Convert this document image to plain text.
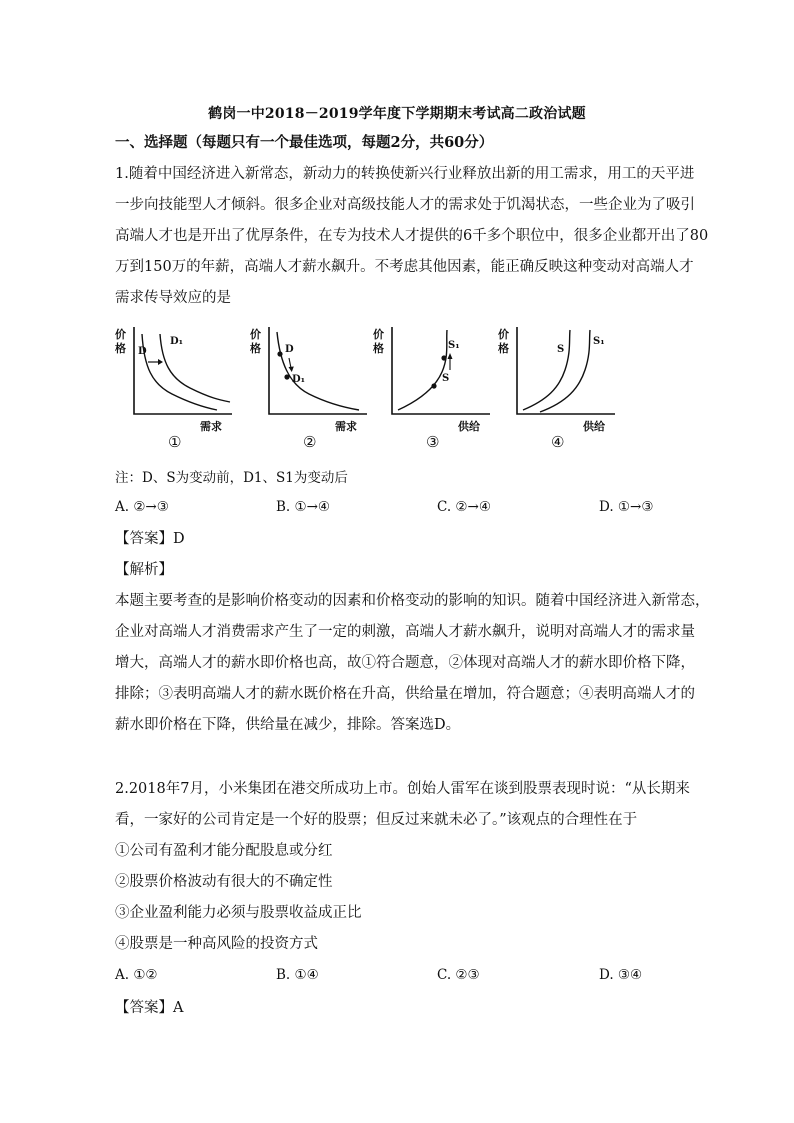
鹤岗一中2018－2019学年度下学期期末考试高二政治试题
一、选择题（每题只有一个最佳选项，每题2分，共60分）
1.随着中国经济进入新常态，新动力的转换使新兴行业释放出新的用工需求，用工的天平进
一步向技能型人才倾斜。很多企业对高级技能人才的需求处于饥渴状态，一些企业为了吸引
高端人才也是开出了优厚条件，在专为技术人才提供的6千多个职位中，很多企业都开出了80
万到150万的年薪，高端人才薪水飙升。不考虑其他因素，能正确反映这种变动对高端人才
需求传导效应的是
价
格 D
D₁
需求
①
价
格 D
D₁
需求
②
价
格	S₁
S
供给
③
价
格	S
S₁
供给
④
注：D、S为变动前，D1、S1为变动后
A. ②→③	B. ①→④	C. ②→④	D. ①→③
【答案】D
【解析】
本题主要考查的是影响价格变动的因素和价格变动的影响的知识。随着中国经济进入新常态，
企业对高端人才消费需求产生了一定的刺激，高端人才薪水飙升，说明对高端人才的需求量
增大，高端人才的薪水即价格也高，故①符合题意，②体现对高端人才的薪水即价格下降，
排除；③表明高端人才的薪水既价格在升高，供给量在增加，符合题意；④表明高端人才的
薪水即价格在下降，供给量在减少，排除。答案选D。
2.2018年7月，小米集团在港交所成功上市。创始人雷军在谈到股票表现时说：“从长期来
看，一家好的公司肯定是一个好的股票；但反过来就未必了。”该观点的合理性在于
①公司有盈利才能分配股息或分红
②股票价格波动有很大的不确定性
③企业盈利能力必须与股票收益成正比
④股票是一种高风险的投资方式
A. ①②	B. ①④	C. ②③	D. ③④
【答案】A
